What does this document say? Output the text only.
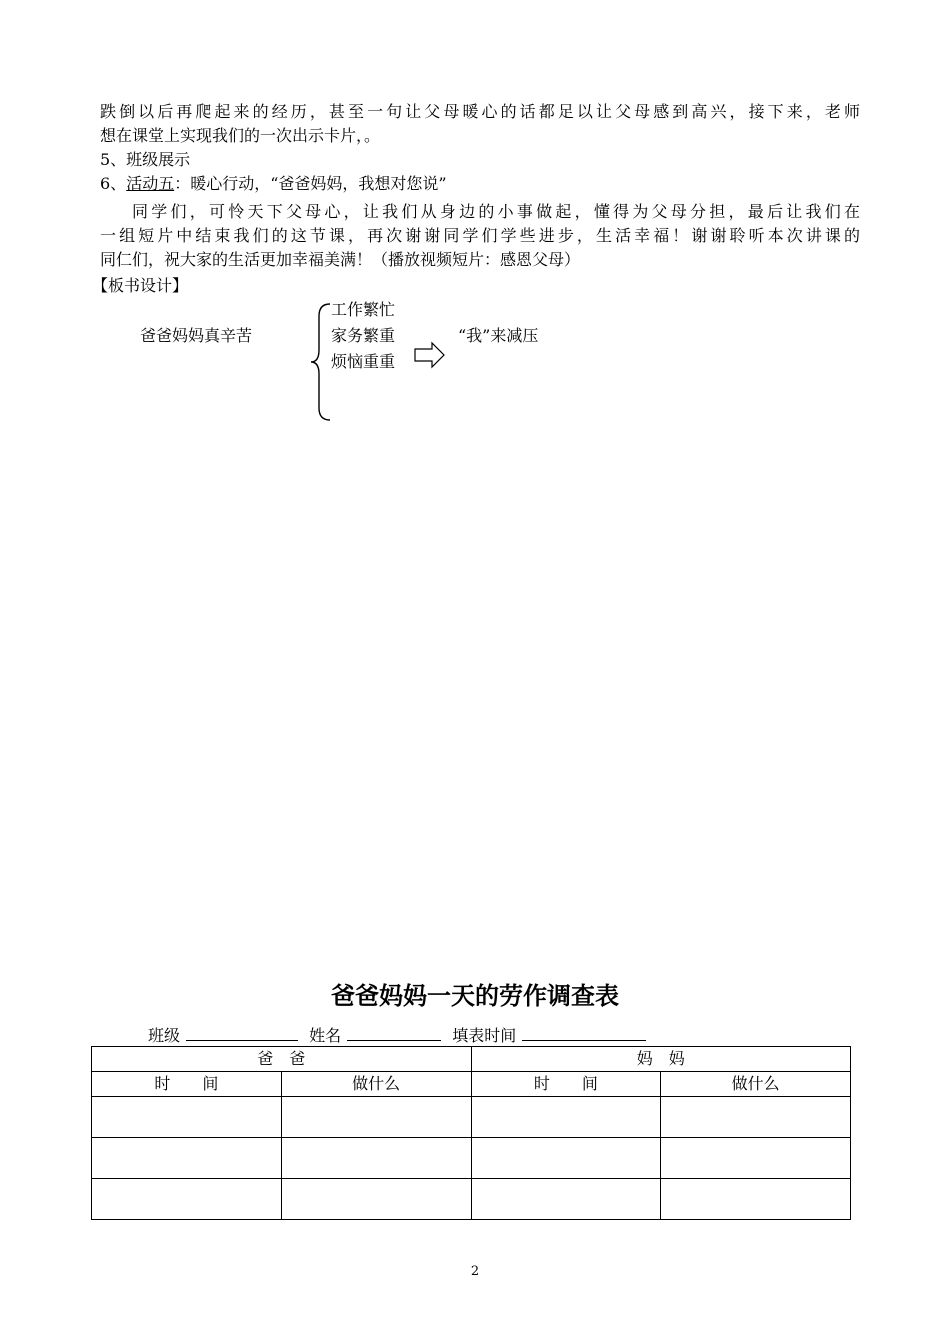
跌倒以后再爬起来的经历，甚至一句让父母暖心的话都足以让父母感到高兴，接下来，老师
想在课堂上实现我们的一次出示卡片，。
5、班级展示
6、活动五：暖心行动，“爸爸妈妈，我想对您说”
同学们，可怜天下父母心，让我们从身边的小事做起，懂得为父母分担，最后让我们在
一组短片中结束我们的这节课，再次谢谢同学们学些进步，生活幸福！谢谢聆听本次讲课的
同仁们，祝大家的生活更加幸福美满！（播放视频短片：感恩父母）
【板书设计】
爸爸妈妈真辛苦
工作繁忙
家务繁重
烦恼重重
“我”来减压
爸爸妈妈一天的劳作调查表
班级	姓名	填表时间
爸　爸		妈　妈	
时　　间	做什么	时　　间	做什么

2
